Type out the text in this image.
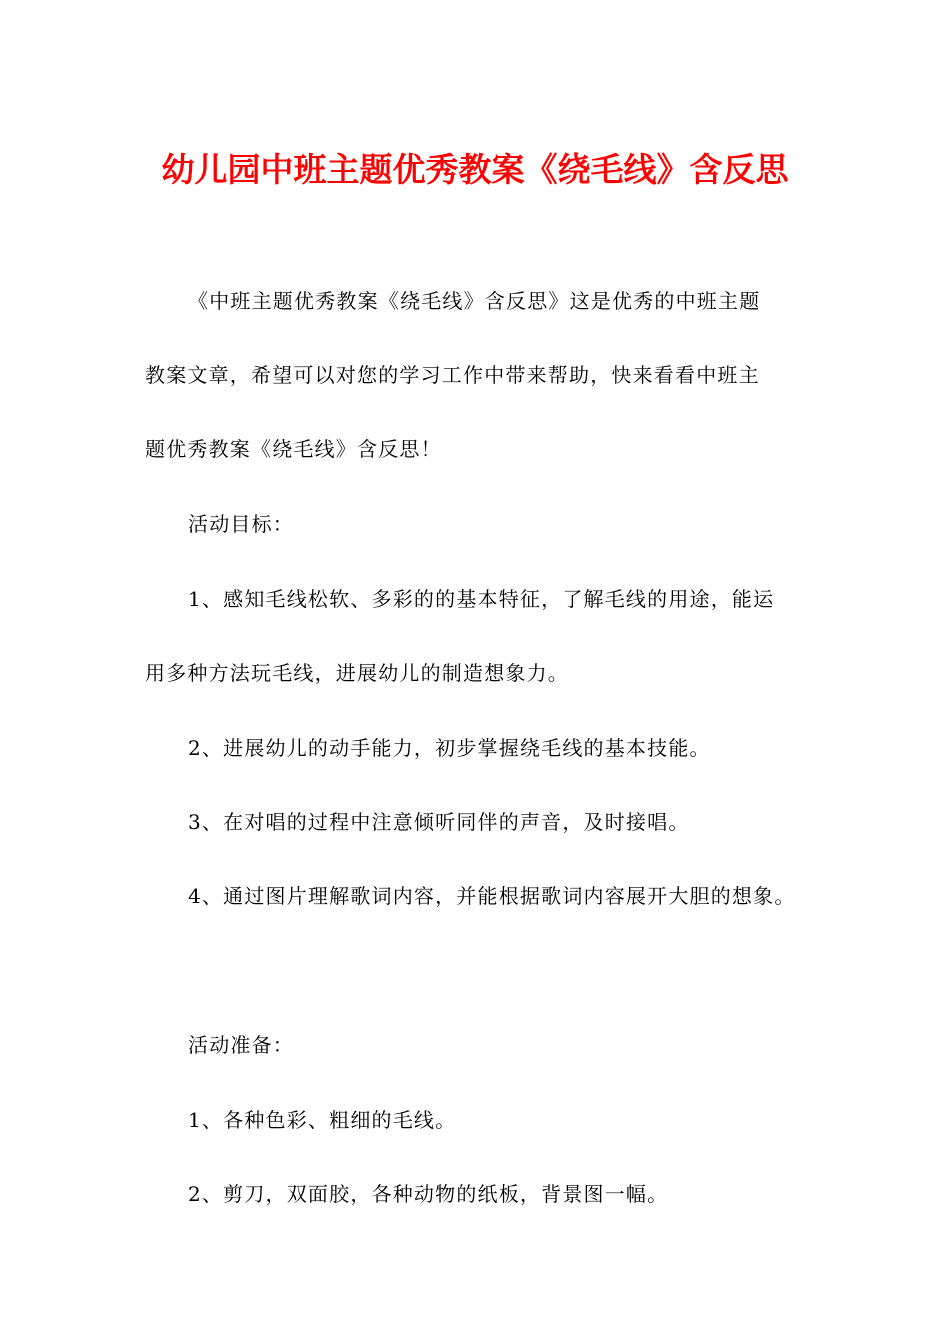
幼儿园中班主题优秀教案《绕毛线》含反思
《中班主题优秀教案《绕毛线》含反思》这是优秀的中班主题
教案文章，希望可以对您的学习工作中带来帮助，快来看看中班主
题优秀教案《绕毛线》含反思！
活动目标：
1、感知毛线松软、多彩的的基本特征，了解毛线的用途，能运
用多种方法玩毛线，进展幼儿的制造想象力。
2、进展幼儿的动手能力，初步掌握绕毛线的基本技能。
3、在对唱的过程中注意倾听同伴的声音，及时接唱。
4、通过图片理解歌词内容，并能根据歌词内容展开大胆的想象。
活动准备：
1、各种色彩、粗细的毛线。
2、剪刀，双面胶，各种动物的纸板，背景图一幅。
